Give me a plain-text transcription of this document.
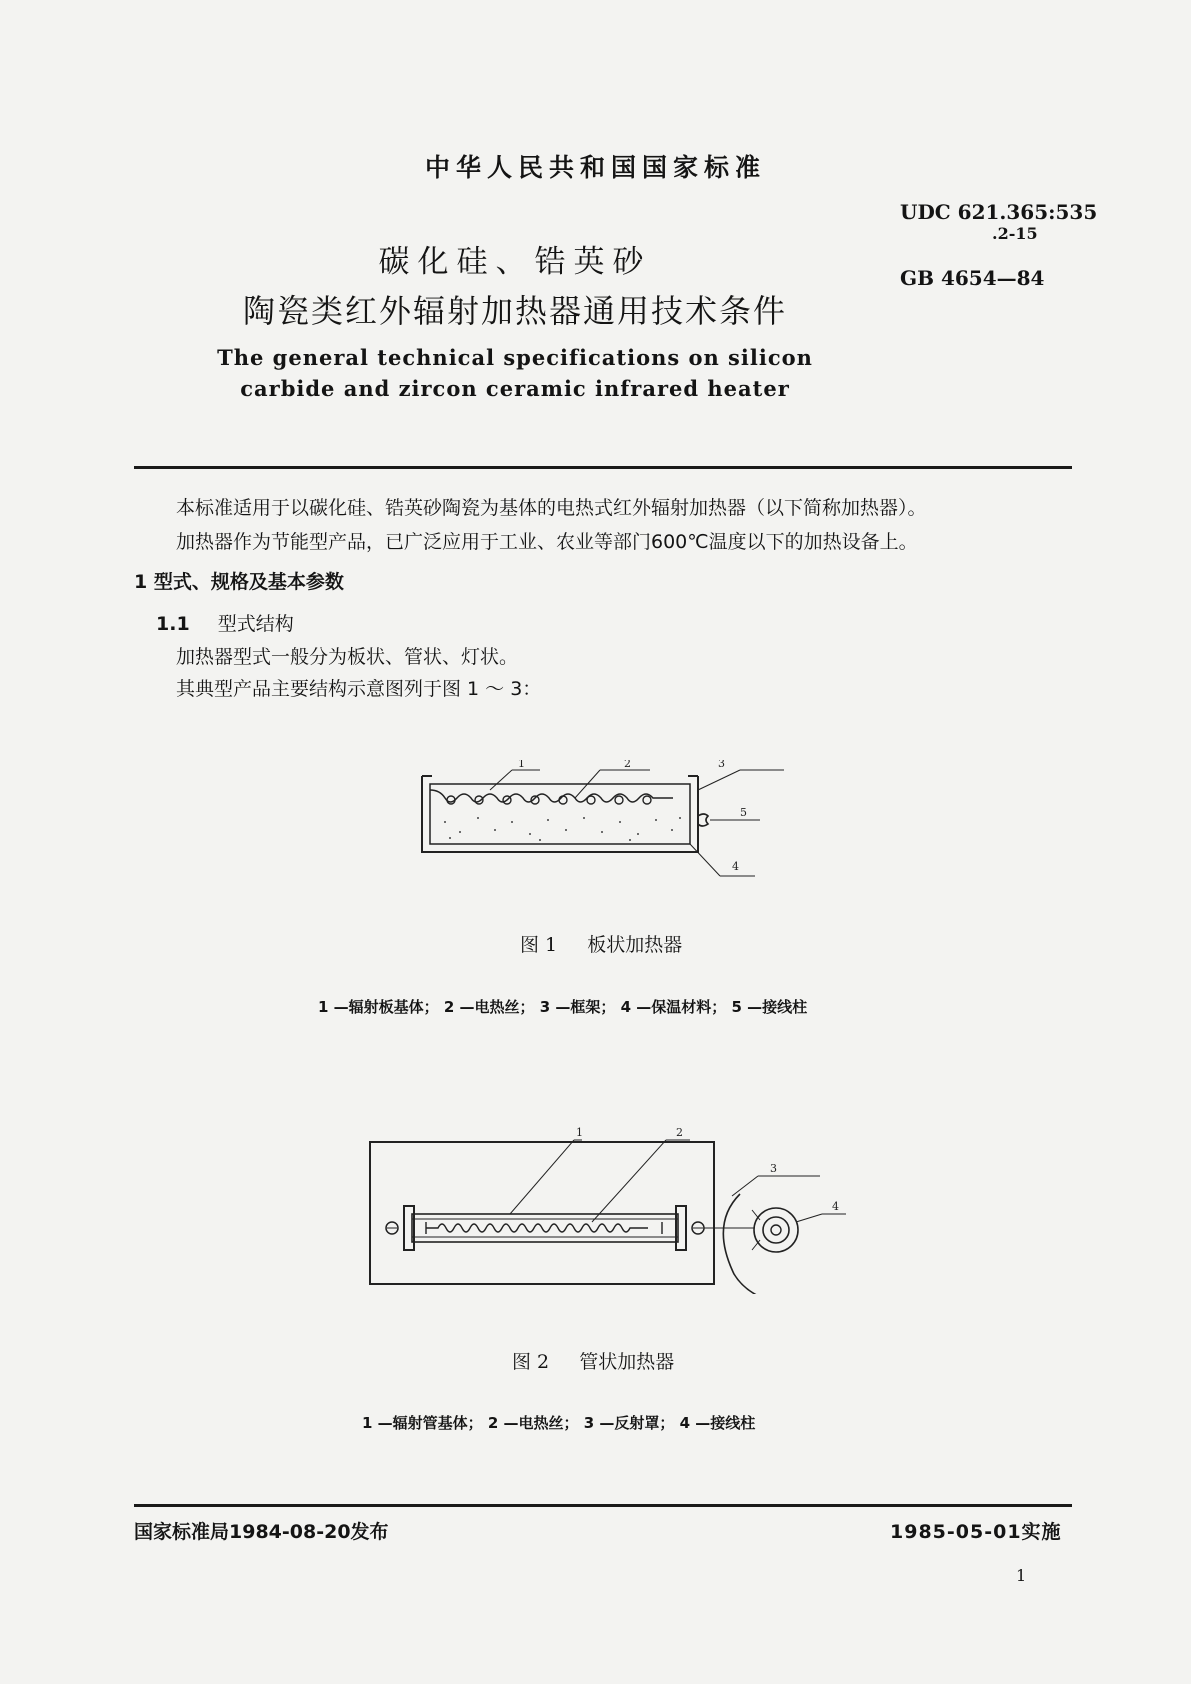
中华人民共和国国家标准
碳化硅、锆英砂
陶瓷类红外辐射加热器通用技术条件
The general technical specifications on silicon
carbide and zircon ceramic infrared heater
UDC 621.365:535
.2-15
GB 4654—84
本标准适用于以碳化硅、锆英砂陶瓷为基体的电热式红外辐射加热器（以下简称加热器）。
加热器作为节能型产品，已广泛应用于工业、农业等部门600℃温度以下的加热设备上。
1 型式、规格及基本参数
1.1 型式结构
加热器型式一般分为板状、管状、灯状。
其典型产品主要结构示意图列于图 1 ～ 3：
1	2	3
5
4
图 1 板状加热器
1 —辐射板基体； 2 —电热丝； 3 —框架； 4 —保温材料； 5 —接线柱
1	2
3
4
图 2 管状加热器
1 —辐射管基体； 2 —电热丝； 3 —反射罩； 4 —接线柱
国家标准局1984-08-20发布	1985-05-01实施
1
